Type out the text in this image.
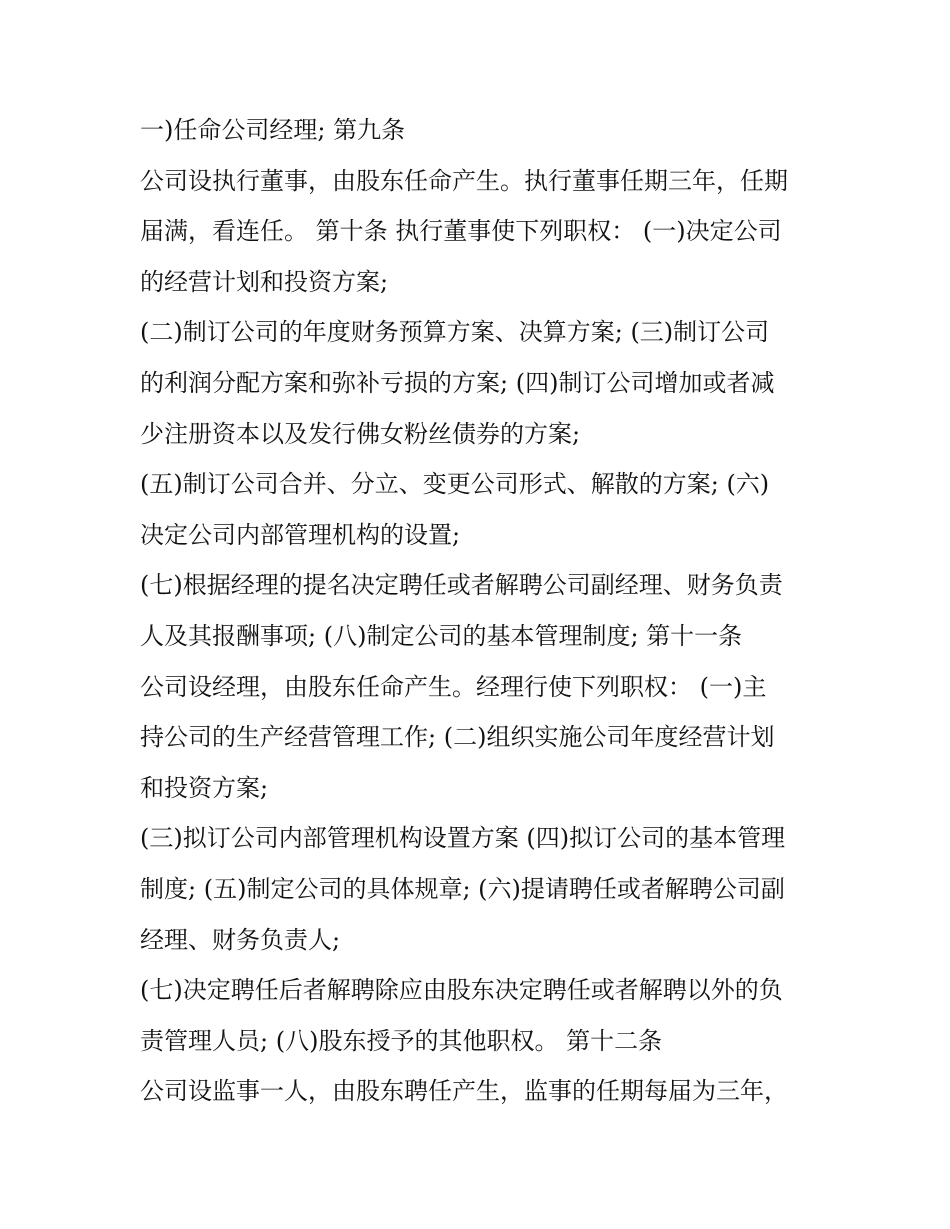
一)任命公司经理; 第九条
公司设执行董事，由股东任命产生。执行董事任期三年，任期
届满，看连任。 第十条 执行董事使下列职权： (一)决定公司
的经营计划和投资方案;
(二)制订公司的年度财务预算方案、决算方案; (三)制订公司
的利润分配方案和弥补亏损的方案; (四)制订公司增加或者减
少注册资本以及发行佛女粉丝债券的方案;
(五)制订公司合并、分立、变更公司形式、解散的方案; (六)
决定公司内部管理机构的设置;
(七)根据经理的提名决定聘任或者解聘公司副经理、财务负责
人及其报酬事项; (八)制定公司的基本管理制度; 第十一条
公司设经理，由股东任命产生。经理行使下列职权： (一)主
持公司的生产经营管理工作; (二)组织实施公司年度经营计划
和投资方案;
(三)拟订公司内部管理机构设置方案 (四)拟订公司的基本管理
制度; (五)制定公司的具体规章; (六)提请聘任或者解聘公司副
经理、财务负责人;
(七)决定聘任后者解聘除应由股东决定聘任或者解聘以外的负
责管理人员; (八)股东授予的其他职权。 第十二条
公司设监事一人，由股东聘任产生，监事的任期每届为三年，
